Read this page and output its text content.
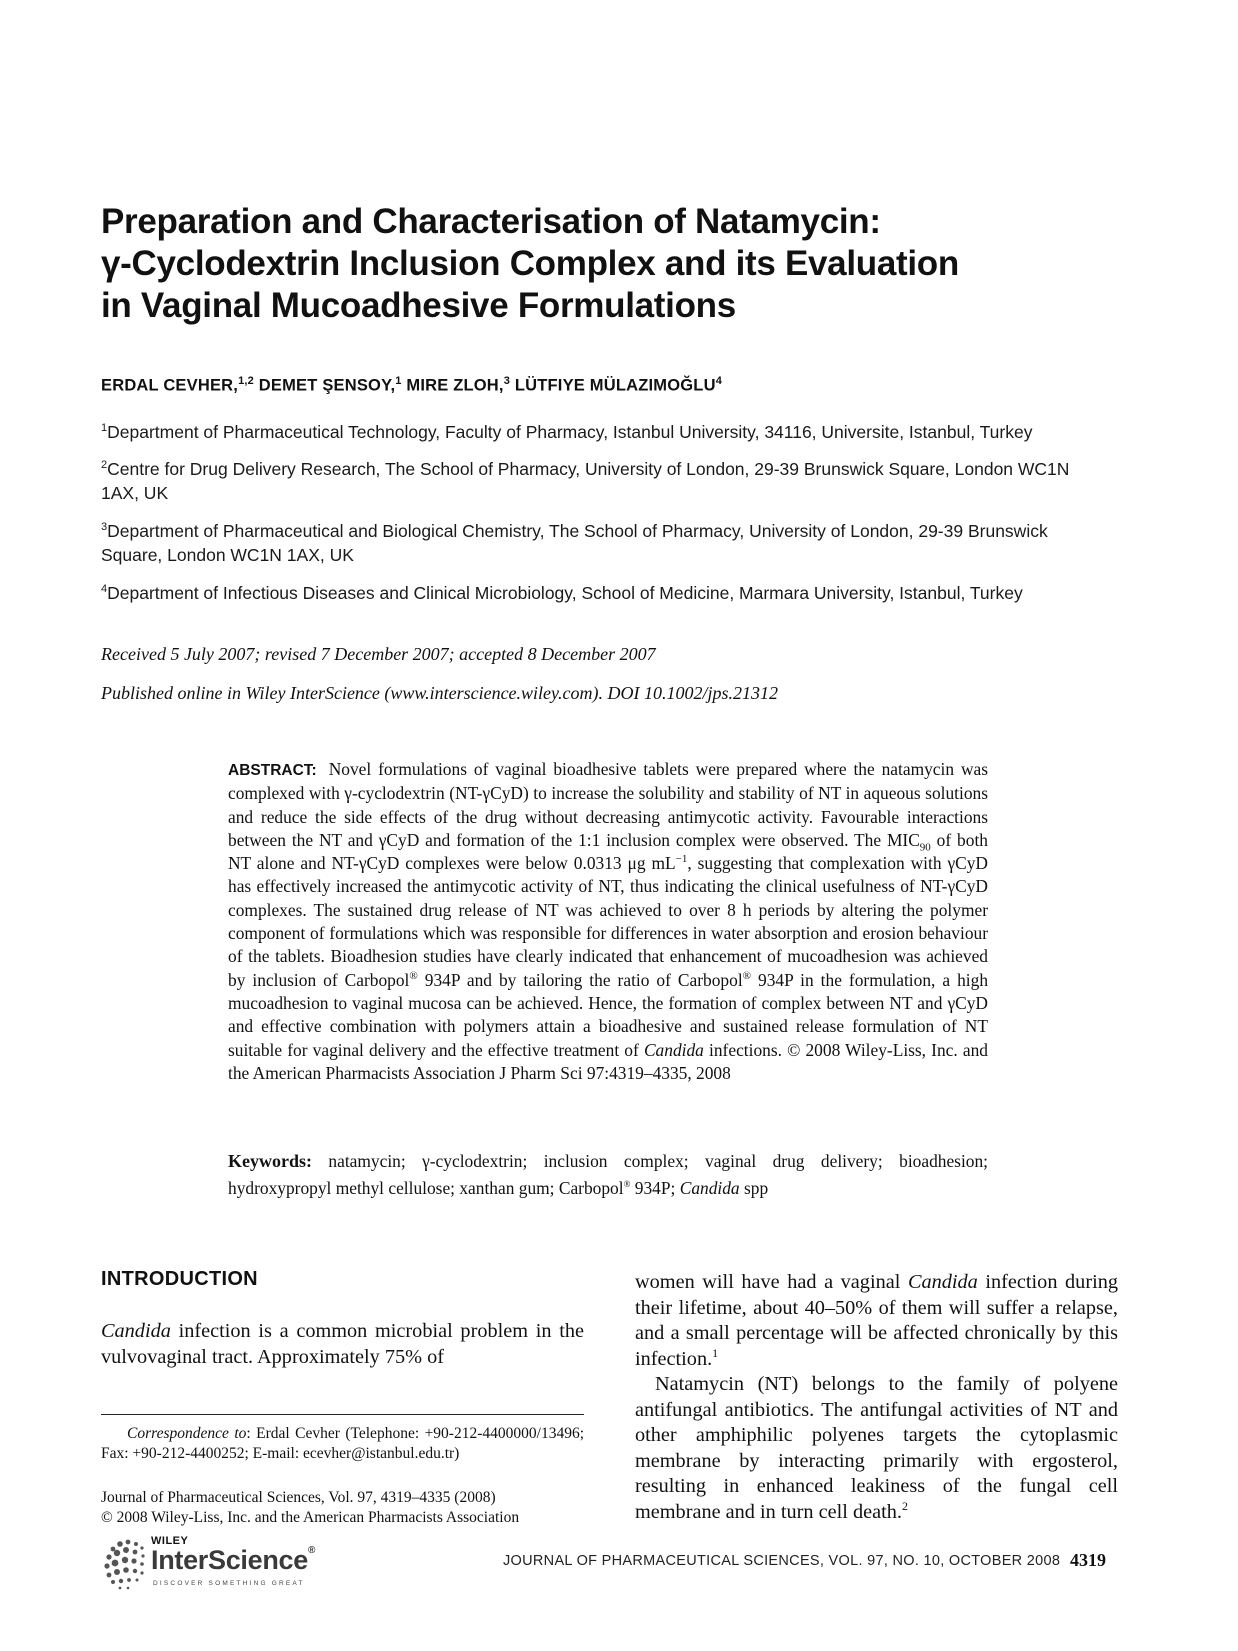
Preparation and Characterisation of Natamycin:
γ-Cyclodextrin Inclusion Complex and its Evaluation
in Vaginal Mucoadhesive Formulations
ERDAL CEVHER,$^{1,2}$ DEMET ŞENSOY,$^1$ MIRE ZLOH,$^3$ LÜTFIYE MÜLAZIMOĞLU$^4$
$^1$Department of Pharmaceutical Technology, Faculty of Pharmacy, Istanbul University, 34116, Universite, Istanbul, Turkey
$^2$Centre for Drug Delivery Research, The School of Pharmacy, University of London, 29-39 Brunswick Square, London WC1N 1AX, UK
$^3$Department of Pharmaceutical and Biological Chemistry, The School of Pharmacy, University of London, 29-39 Brunswick Square, London WC1N 1AX, UK
$^4$Department of Infectious Diseases and Clinical Microbiology, School of Medicine, Marmara University, Istanbul, Turkey
Received 5 July 2007; revised 7 December 2007; accepted 8 December 2007
Published online in Wiley InterScience (www.interscience.wiley.com). DOI 10.1002/jps.21312
ABSTRACT: Novel formulations of vaginal bioadhesive tablets were prepared where the natamycin was complexed with γ-cyclodextrin (NT-γCyD) to increase the solubility and stability of NT in aqueous solutions and reduce the side effects of the drug without decreasing antimycotic activity. Favourable interactions between the NT and γCyD and formation of the 1:1 inclusion complex were observed. The $MIC_{90}$ of both NT alone and NT-γCyD complexes were below 0.0313 μg $mL^{-1}$, suggesting that complexation with γCyD has effectively increased the antimycotic activity of NT, thus indicating the clinical usefulness of NT-γCyD complexes. The sustained drug release of NT was achieved to over 8 h periods by altering the polymer component of formulations which was responsible for differences in water absorption and erosion behaviour of the tablets. Bioadhesion studies have clearly indicated that enhancement of mucoadhesion was achieved by inclusion of Carbopol® 934P and by tailoring the ratio of Carbopol® 934P in the formulation, a high mucoadhesion to vaginal mucosa can be achieved. Hence, the formation of complex between NT and γCyD and effective combination with polymers attain a bioadhesive and sustained release formulation of NT suitable for vaginal delivery and the effective treatment of Candida infections. © 2008 Wiley-Liss, Inc. and the American Pharmacists Association J Pharm Sci 97:4319–4335, 2008
Keywords: natamycin; γ-cyclodextrin; inclusion complex; vaginal drug delivery; bioadhesion; hydroxypropyl methyl cellulose; xanthan gum; Carbopol® 934P; Candida spp
INTRODUCTION
Candida infection is a common microbial problem in the vulvovaginal tract. Approximately 75% of

women will have had a vaginal Candida infection during their lifetime, about 40–50% of them will suffer a relapse, and a small percentage will be affected chronically by this infection.$^1$

Natamycin (NT) belongs to the family of polyene antifungal antibiotics. The antifungal activities of NT and other amphiphilic polyenes targets the cytoplasmic membrane by interacting primarily with ergosterol, resulting in enhanced leakiness of the fungal cell membrane and in turn cell death.$^2$

Correspondence to: Erdal Cevher (Telephone: +90-212-4400000/13496; Fax: +90-212-4400252; E-mail: ecevher@istanbul.edu.tr)
Journal of Pharmaceutical Sciences, Vol. 97, 4319–4335 (2008)
© 2008 Wiley-Liss, Inc. and the American Pharmacists Association
WILEY
InterScience®
DISCOVER SOMETHING GREAT
JOURNAL OF PHARMACEUTICAL SCIENCES, VOL. 97, NO. 10, OCTOBER 2008 4319
